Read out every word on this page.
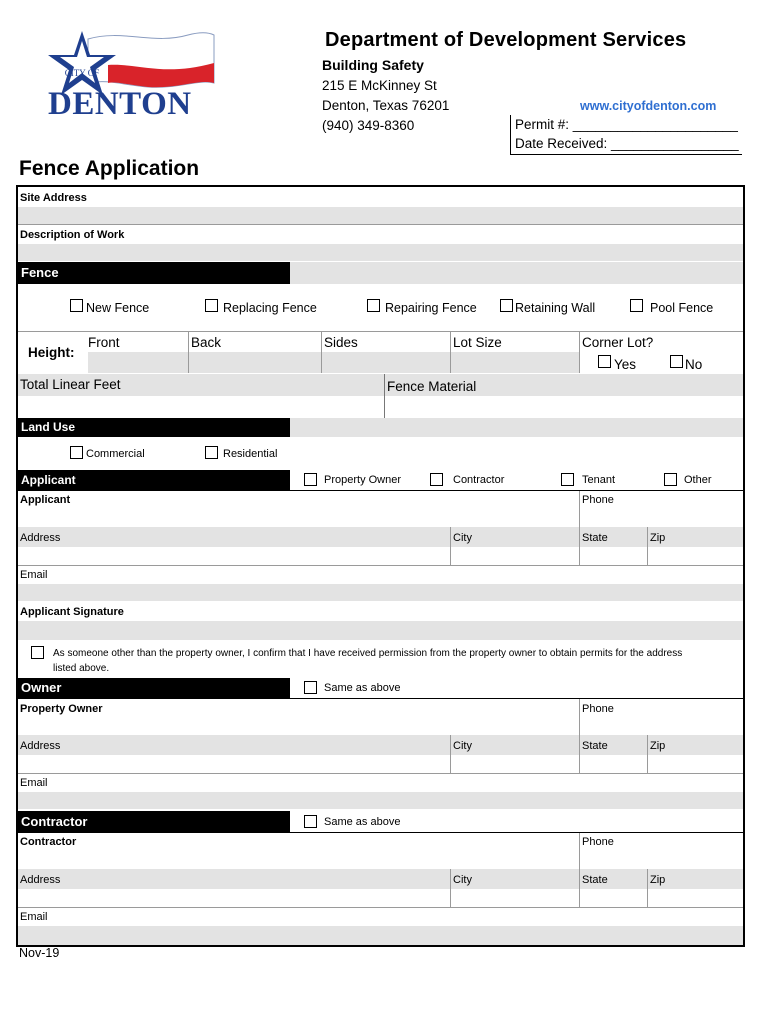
CITY OF
DENTON
Department of Development Services
Building Safety
215 E McKinney St
Denton, Texas 76201
(940) 349-8360
www.cityofdenton.com
Permit #: ______________________
Date Received: _________________
Fence Application
Site Address
Description of Work
Fence
New Fence	Replacing Fence	Repairing Fence	Retaining Wall	Pool Fence
Height:
Front	Back	Sides	Lot Size	Corner Lot?
Yes	No
Total Linear Feet	Fence Material
Land Use
Commercial	Residential
Applicant	Property Owner	Contractor	Tenant	Other
Applicant	Phone
Address	City	State	Zip
Email
Applicant Signature
As someone other than the property owner, I confirm that I have received permission from the property owner to obtain permits for the address
listed above.
Owner	Same as above
Property Owner	Phone
Address	City	State	Zip
Email
Contractor	Same as above
Contractor	Phone
Address	City	State	Zip
Email
Nov-19
